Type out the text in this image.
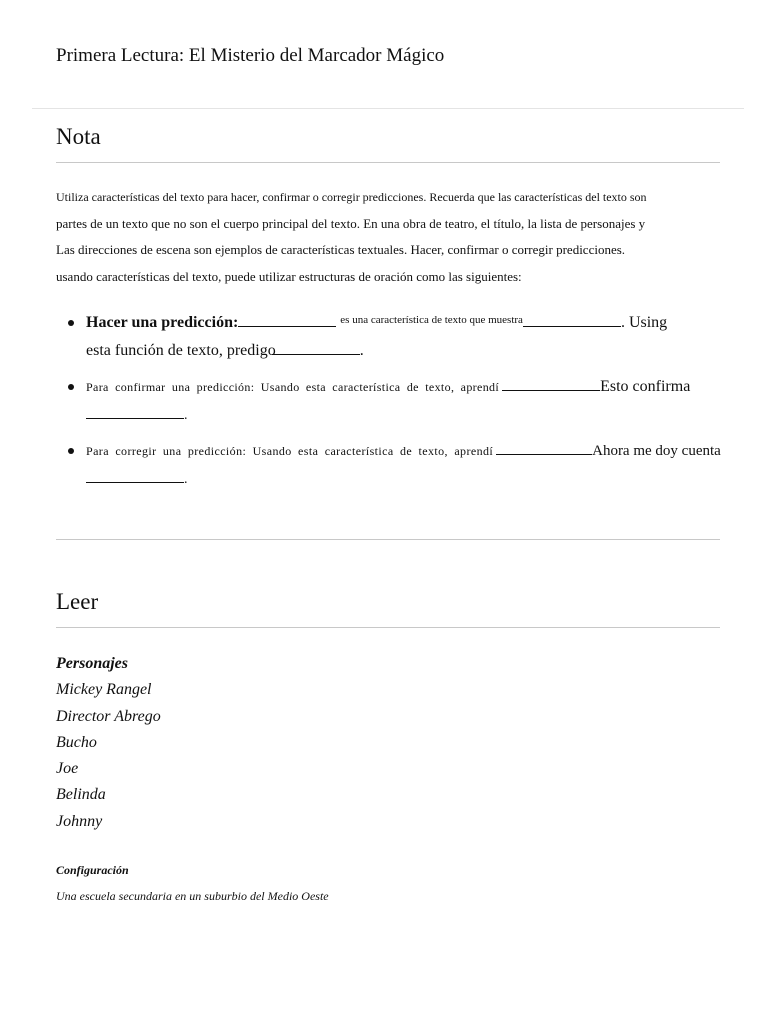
Primera Lectura: El Misterio del Marcador Mágico
Nota

Utiliza características del texto para hacer, confirmar o corregir predicciones. Recuerda que las características del texto son
partes de un texto que no son el cuerpo principal del texto. En una obra de teatro, el título, la lista de personajes y
Las direcciones de escena son ejemplos de características textuales. Hacer, confirmar o corregir predicciones.
usando características del texto, puede utilizar estructuras de oración como las siguientes:

Hacer una predicción:	$^{es una característica de texto que muestra}$	. Using
esta función de texto, predigo	.
Para confirmar una predicción: Usando esta característica de texto, aprendí	Esto confirma
.
Para corregir una predicción: Usando esta característica de texto, aprendí	Ahora me doy cuenta
.
Leer
Personajes
Mickey Rangel
Director Abrego
Bucho
Joe
Belinda
Johnny
Configuración
Una escuela secundaria en un suburbio del Medio Oeste
